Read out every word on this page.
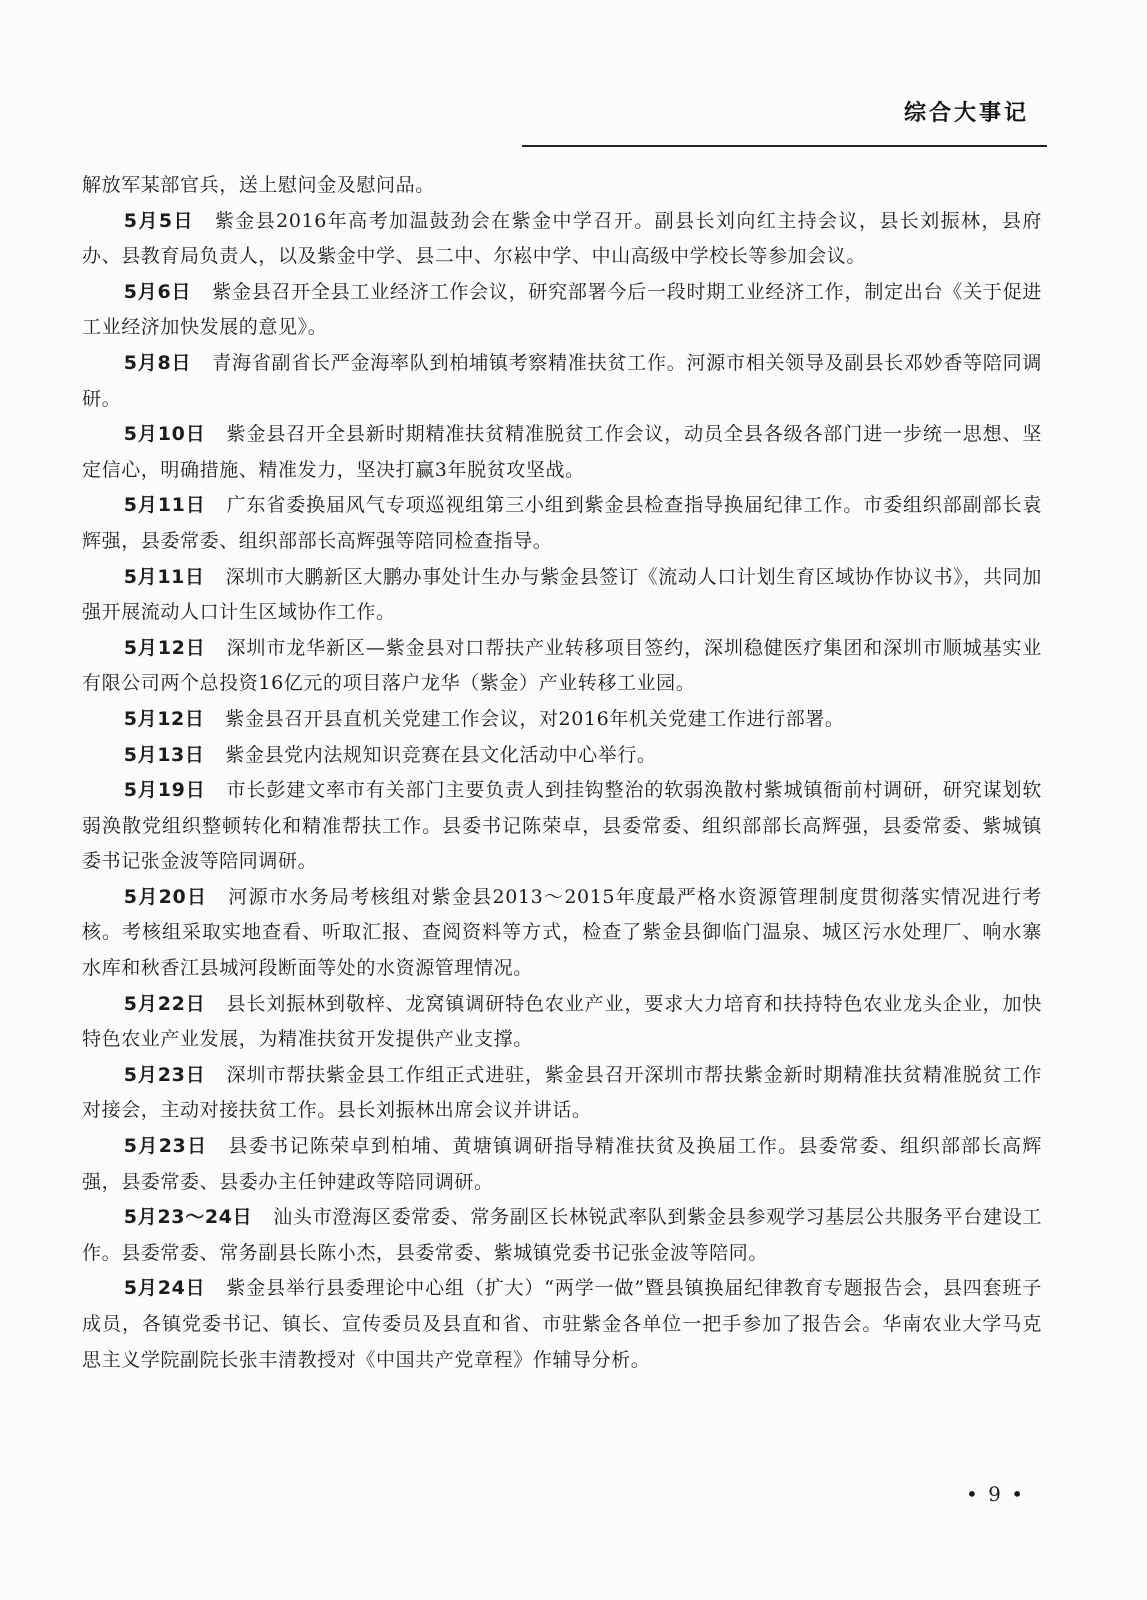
综合大事记

解放军某部官兵，送上慰问金及慰问品。

5月5日 紫金县2016年高考加温鼓劲会在紫金中学召开。副县长刘向红主持会议，县长刘振林，县府办、县教育局负责人，以及紫金中学、县二中、尔崧中学、中山高级中学校长等参加会议。

5月6日 紫金县召开全县工业经济工作会议，研究部署今后一段时期工业经济工作，制定出台《关于促进工业经济加快发展的意见》。

5月8日 青海省副省长严金海率队到柏埔镇考察精准扶贫工作。河源市相关领导及副县长邓妙香等陪同调研。

5月10日 紫金县召开全县新时期精准扶贫精准脱贫工作会议，动员全县各级各部门进一步统一思想、坚定信心，明确措施、精准发力，坚决打赢3年脱贫攻坚战。

5月11日 广东省委换届风气专项巡视组第三小组到紫金县检查指导换届纪律工作。市委组织部副部长袁辉强，县委常委、组织部部长高辉强等陪同检查指导。

5月11日 深圳市大鹏新区大鹏办事处计生办与紫金县签订《流动人口计划生育区域协作协议书》，共同加强开展流动人口计生区域协作工作。

5月12日 深圳市龙华新区—紫金县对口帮扶产业转移项目签约，深圳稳健医疗集团和深圳市顺城基实业有限公司两个总投资16亿元的项目落户龙华（紫金）产业转移工业园。

5月12日 紫金县召开县直机关党建工作会议，对2016年机关党建工作进行部署。

5月13日 紫金县党内法规知识竞赛在县文化活动中心举行。

5月19日 市长彭建文率市有关部门主要负责人到挂钩整治的软弱涣散村紫城镇衙前村调研，研究谋划软弱涣散党组织整顿转化和精准帮扶工作。县委书记陈荣卓，县委常委、组织部部长高辉强，县委常委、紫城镇委书记张金波等陪同调研。

5月20日 河源市水务局考核组对紫金县2013～2015年度最严格水资源管理制度贯彻落实情况进行考核。考核组采取实地查看、听取汇报、查阅资料等方式，检查了紫金县御临门温泉、城区污水处理厂、响水寨水库和秋香江县城河段断面等处的水资源管理情况。

5月22日 县长刘振林到敬梓、龙窝镇调研特色农业产业，要求大力培育和扶持特色农业龙头企业，加快特色农业产业发展，为精准扶贫开发提供产业支撑。

5月23日 深圳市帮扶紫金县工作组正式进驻，紫金县召开深圳市帮扶紫金新时期精准扶贫精准脱贫工作对接会，主动对接扶贫工作。县长刘振林出席会议并讲话。

5月23日 县委书记陈荣卓到柏埔、黄塘镇调研指导精准扶贫及换届工作。县委常委、组织部部长高辉强，县委常委、县委办主任钟建政等陪同调研。

5月23～24日 汕头市澄海区委常委、常务副区长林锐武率队到紫金县参观学习基层公共服务平台建设工作。县委常委、常务副县长陈小杰，县委常委、紫城镇党委书记张金波等陪同。

5月24日 紫金县举行县委理论中心组（扩大）“两学一做”暨县镇换届纪律教育专题报告会，县四套班子成员，各镇党委书记、镇长、宣传委员及县直和省、市驻紫金各单位一把手参加了报告会。华南农业大学马克思主义学院副院长张丰清教授对《中国共产党章程》作辅导分析。

• 9 •
